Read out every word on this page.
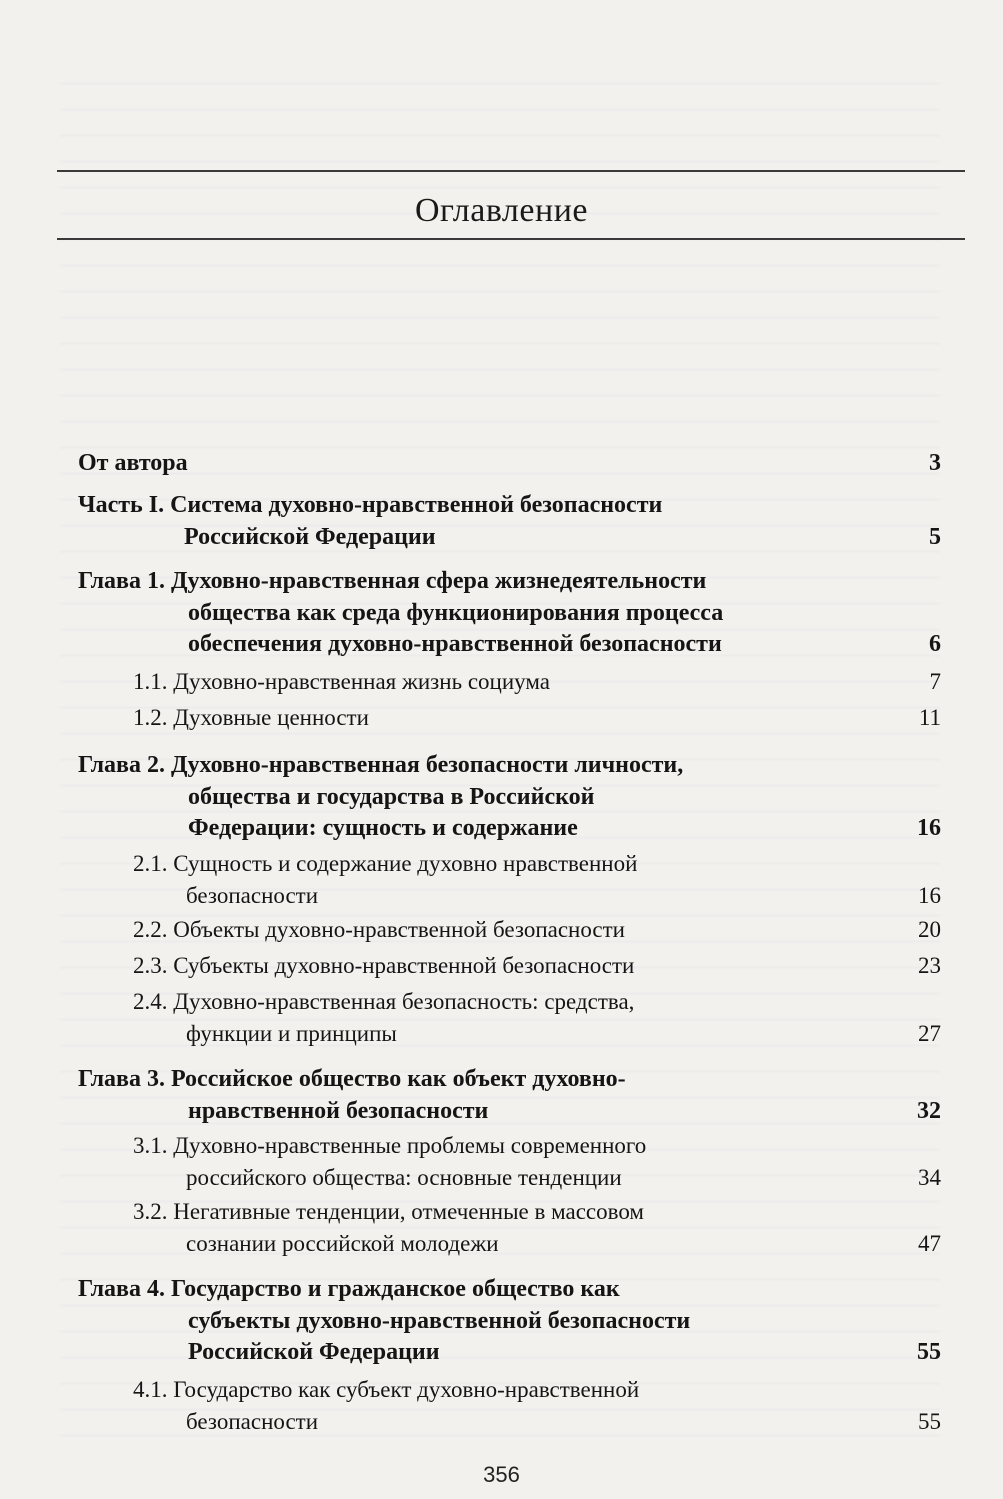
Оглавление
От автора	3
Часть I. Система духовно-нравственной безопасности
Российской Федерации	5
Глава 1. Духовно-нравственная сфера жизнедеятельности
общества как среда функционирования процесса
обеспечения духовно-нравственной безопасности	6
1.1. Духовно-нравственная жизнь социума	7
1.2. Духовные ценности	11
Глава 2. Духовно-нравственная безопасности личности,
общества и государства в Российской
Федерации: сущность и содержание	16
2.1. Сущность и содержание духовно нравственной
безопасности	16
2.2. Объекты духовно-нравственной безопасности	20
2.3. Субъекты духовно-нравственной безопасности	23
2.4. Духовно-нравственная безопасность: средства,
функции и принципы	27
Глава 3. Российское общество как объект духовно-
нравственной безопасности	32
3.1. Духовно-нравственные проблемы современного
российского общества: основные тенденции	34
3.2. Негативные тенденции, отмеченные в массовом
сознании российской молодежи	47
Глава 4. Государство и гражданское общество как
субъекты духовно-нравственной безопасности
Российской Федерации	55
4.1. Государство как субъект духовно-нравственной
безопасности	55
356
